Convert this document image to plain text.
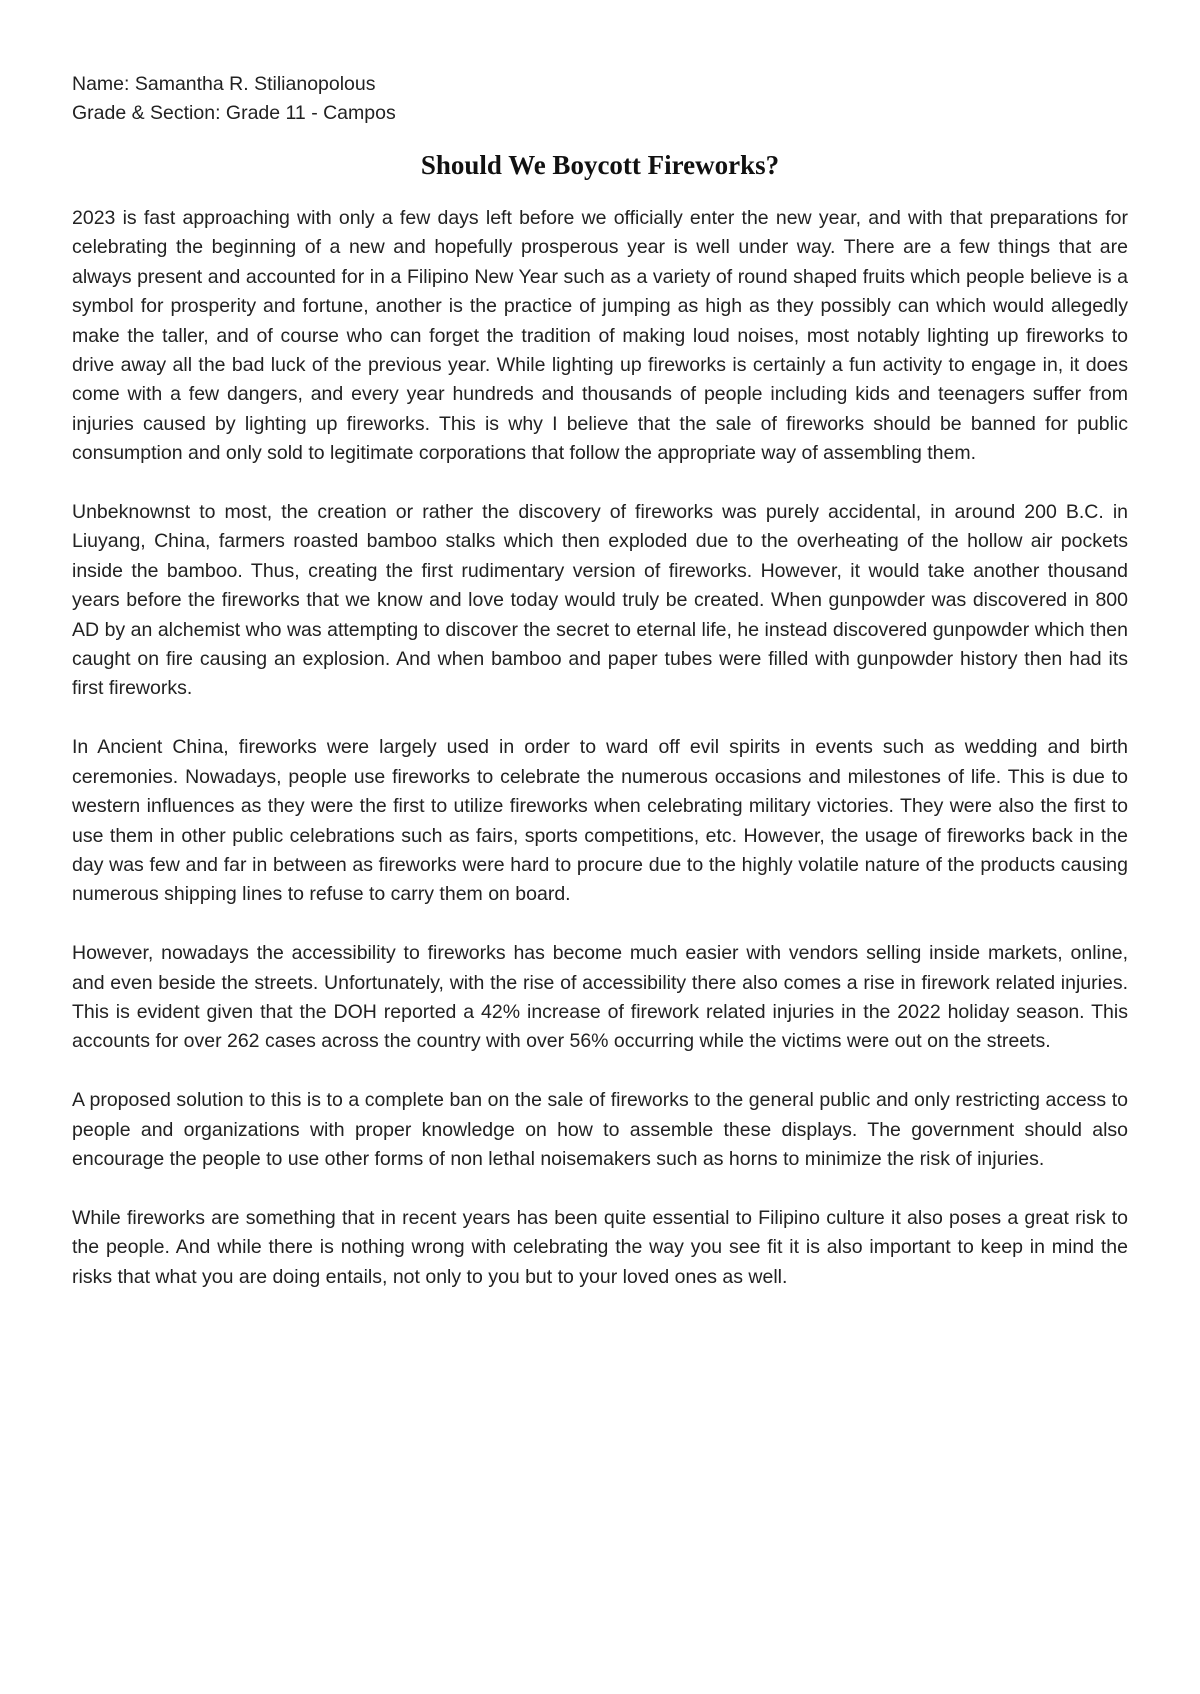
Name: Samantha R. Stilianopolous

Grade & Section: Grade 11 - Campos

Should We Boycott Fireworks?

2023 is fast approaching with only a few days left before we officially enter the new year, and with that preparations for celebrating the beginning of a new and hopefully prosperous year is well under way. There are a few things that are always present and accounted for in a Filipino New Year such as a variety of round shaped fruits which people believe is a symbol for prosperity and fortune, another is the practice of jumping as high as they possibly can which would allegedly make the taller, and of course who can forget the tradition of making loud noises, most notably lighting up fireworks to drive away all the bad luck of the previous year. While lighting up fireworks is certainly a fun activity to engage in, it does come with a few dangers, and every year hundreds and thousands of people including kids and teenagers suffer from injuries caused by lighting up fireworks. This is why I believe that the sale of fireworks should be banned for public consumption and only sold to legitimate corporations that follow the appropriate way of assembling them.

Unbeknownst to most, the creation or rather the discovery of fireworks was purely accidental, in around 200 B.C. in Liuyang, China, farmers roasted bamboo stalks which then exploded due to the overheating of the hollow air pockets inside the bamboo. Thus, creating the first rudimentary version of fireworks. However, it would take another thousand years before the fireworks that we know and love today would truly be created. When gunpowder was discovered in 800 AD by an alchemist who was attempting to discover the secret to eternal life, he instead discovered gunpowder which then caught on fire causing an explosion. And when bamboo and paper tubes were filled with gunpowder history then had its first fireworks.

In Ancient China, fireworks were largely used in order to ward off evil spirits in events such as wedding and birth ceremonies. Nowadays, people use fireworks to celebrate the numerous occasions and milestones of life. This is due to western influences as they were the first to utilize fireworks when celebrating military victories. They were also the first to use them in other public celebrations such as fairs, sports competitions, etc. However, the usage of fireworks back in the day was few and far in between as fireworks were hard to procure due to the highly volatile nature of the products causing numerous shipping lines to refuse to carry them on board.

However, nowadays the accessibility to fireworks has become much easier with vendors selling inside markets, online, and even beside the streets. Unfortunately, with the rise of accessibility there also comes a rise in firework related injuries. This is evident given that the DOH reported a 42% increase of firework related injuries in the 2022 holiday season. This accounts for over 262 cases across the country with over 56% occurring while the victims were out on the streets.

A proposed solution to this is to a complete ban on the sale of fireworks to the general public and only restricting access to people and organizations with proper knowledge on how to assemble these displays. The government should also encourage the people to use other forms of non lethal noisemakers such as horns to minimize the risk of injuries.

While fireworks are something that in recent years has been quite essential to Filipino culture it also poses a great risk to the people. And while there is nothing wrong with celebrating the way you see fit it is also important to keep in mind the risks that what you are doing entails, not only to you but to your loved ones as well.
